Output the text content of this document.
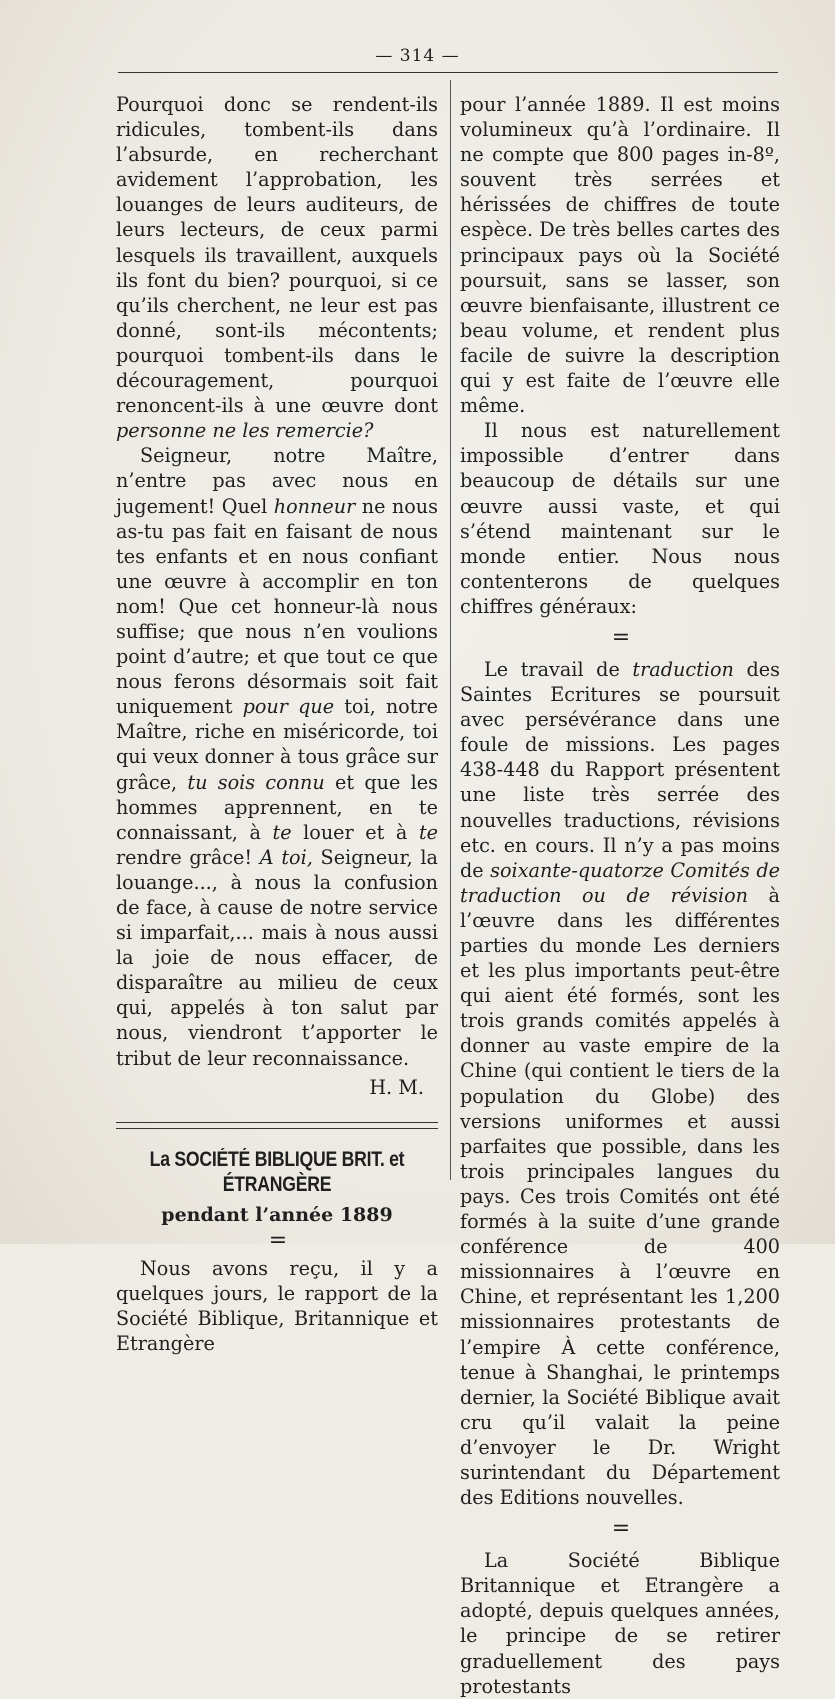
— 314 —

Pourquoi donc se rendent-ils ridicules, tombent-ils dans l’absurde, en recherchant avidement l’approbation, les louanges de leurs auditeurs, de leurs lecteurs, de ceux parmi lesquels ils travaillent, auxquels ils font du bien? pourquoi, si ce qu’ils cherchent, ne leur est pas donné, sont-ils mécontents; pourquoi tombent-ils dans le découragement, pourquoi renoncent-ils à une œuvre dont personne ne les remercie?

Seigneur, notre Maître, n’entre pas avec nous en jugement! Quel honneur ne nous as-tu pas fait en faisant de nous tes enfants et en nous confiant une œuvre à accomplir en ton nom! Que cet honneur-là nous suffise; que nous n’en voulions point d’autre; et que tout ce que nous ferons désormais soit fait uniquement pour que toi, notre Maître, riche en miséricorde, toi qui veux donner à tous grâce sur grâce, tu sois connu et que les hommes apprennent, en te connaissant, à te louer et à te rendre grâce! A toi, Seigneur, la louange..., à nous la confusion de face, à cause de notre service si imparfait,... mais à nous aussi la joie de nous effacer, de disparaître au milieu de ceux qui, appelés à ton salut par nous, viendront t’apporter le tribut de leur reconnaissance.

H. M.

La SOCIÉTÉ BIBLIQUE BRIT. et ÉTRANGÈRE

pendant l’année 1889

=

Nous avons reçu, il y a quelques jours, le rapport de la Société Biblique, Britannique et Etrangère

pour l’année 1889. Il est moins volumineux qu’à l’ordinaire. Il ne compte que 800 pages in-8º, souvent très serrées et hérissées de chiffres de toute espèce. De très belles cartes des principaux pays où la Société poursuit, sans se lasser, son œuvre bienfaisante, illustrent ce beau volume, et rendent plus facile de suivre la description qui y est faite de l’œuvre elle même.

Il nous est naturellement impossible d’entrer dans beaucoup de détails sur une œuvre aussi vaste, et qui s’étend maintenant sur le monde entier. Nous nous contenterons de quelques chiffres généraux:

=

Le travail de traduction des Saintes Ecritures se poursuit avec persévérance dans une foule de missions. Les pages 438-448 du Rapport présentent une liste très serrée des nouvelles traductions, révisions etc. en cours. Il n’y a pas moins de soixante-quatorze Comités de traduction ou de révision à l’œuvre dans les différentes parties du monde Les derniers et les plus importants peut-être qui aient été formés, sont les trois grands comités appelés à donner au vaste empire de la Chine (qui contient le tiers de la population du Globe) des versions uniformes et aussi parfaites que possible, dans les trois principales langues du pays. Ces trois Comités ont été formés à la suite d’une grande conférence de 400 missionnaires à l’œuvre en Chine, et représentant les 1,200 missionnaires protestants de l’empire À cette conférence, tenue à Shanghai, le printemps dernier, la Société Biblique avait cru qu’il valait la peine d’envoyer le Dr. Wright surintendant du Département des Editions nouvelles.

=

La Société Biblique Britannique et Etrangère a adopté, depuis quelques années, le principe de se retirer graduellement des pays protestants
